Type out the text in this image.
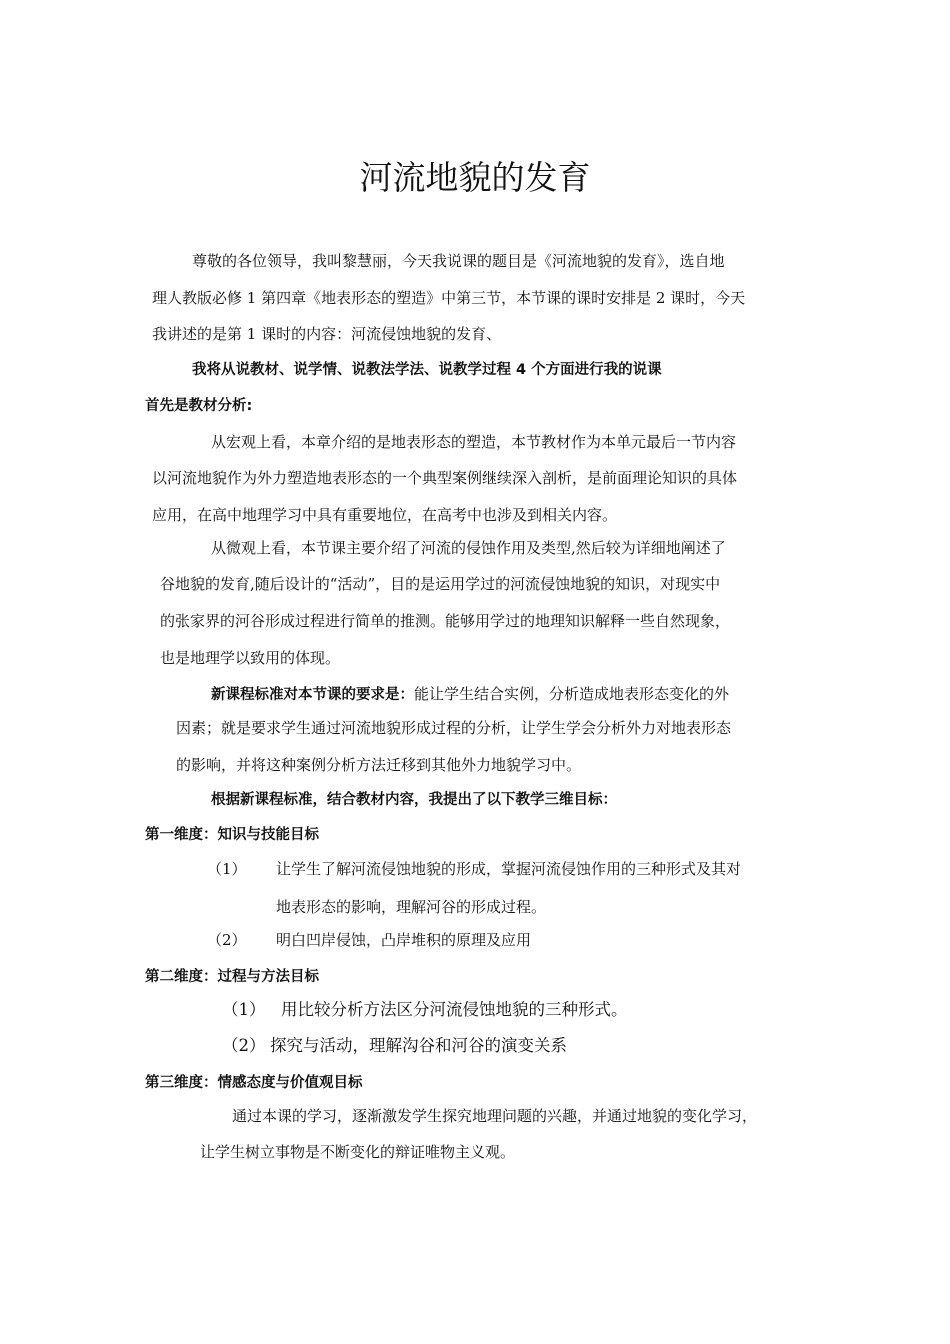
河流地貌的发育
尊敬的各位领导，我叫黎慧丽，今天我说课的题目是《河流地貌的发育》，选自地
理人教版必修 1 第四章《地表形态的塑造》中第三节，本节课的课时安排是 2 课时，今天
我讲述的是第 1 课时的内容：河流侵蚀地貌的发育、
我将从说教材、说学情、说教法学法、说教学过程 4 个方面进行我的说课
首先是教材分析:
从宏观上看，本章介绍的是地表形态的塑造，本节教材作为本单元最后一节内容
以河流地貌作为外力塑造地表形态的一个典型案例继续深入剖析，是前面理论知识的具体
应用，在高中地理学习中具有重要地位，在高考中也涉及到相关内容。
从微观上看，本节课主要介绍了河流的侵蚀作用及类型,然后较为详细地阐述了
谷地貌的发育,随后设计的“活动”，目的是运用学过的河流侵蚀地貌的知识，对现实中
的张家界的河谷形成过程进行简单的推测。能够用学过的地理知识解释一些自然现象，
也是地理学以致用的体现。
新课程标准对本节课的要求是：能让学生结合实例，分析造成地表形态变化的外
因素；就是要求学生通过河流地貌形成过程的分析，让学生学会分析外力对地表形态
的影响，并将这种案例分析方法迁移到其他外力地貌学习中。
根据新课程标准，结合教材内容，我提出了以下教学三维目标：
第一维度：知识与技能目标
（1） 让学生了解河流侵蚀地貌的形成，掌握河流侵蚀作用的三种形式及其对
地表形态的影响，理解河谷的形成过程。
（2） 明白凹岸侵蚀，凸岸堆积的原理及应用
第二维度：过程与方法目标
（1） 用比较分析方法区分河流侵蚀地貌的三种形式。
（2） 探究与活动，理解沟谷和河谷的演变关系
第三维度：情感态度与价值观目标
通过本课的学习，逐渐激发学生探究地理问题的兴趣，并通过地貌的变化学习，
让学生树立事物是不断变化的辩证唯物主义观。
